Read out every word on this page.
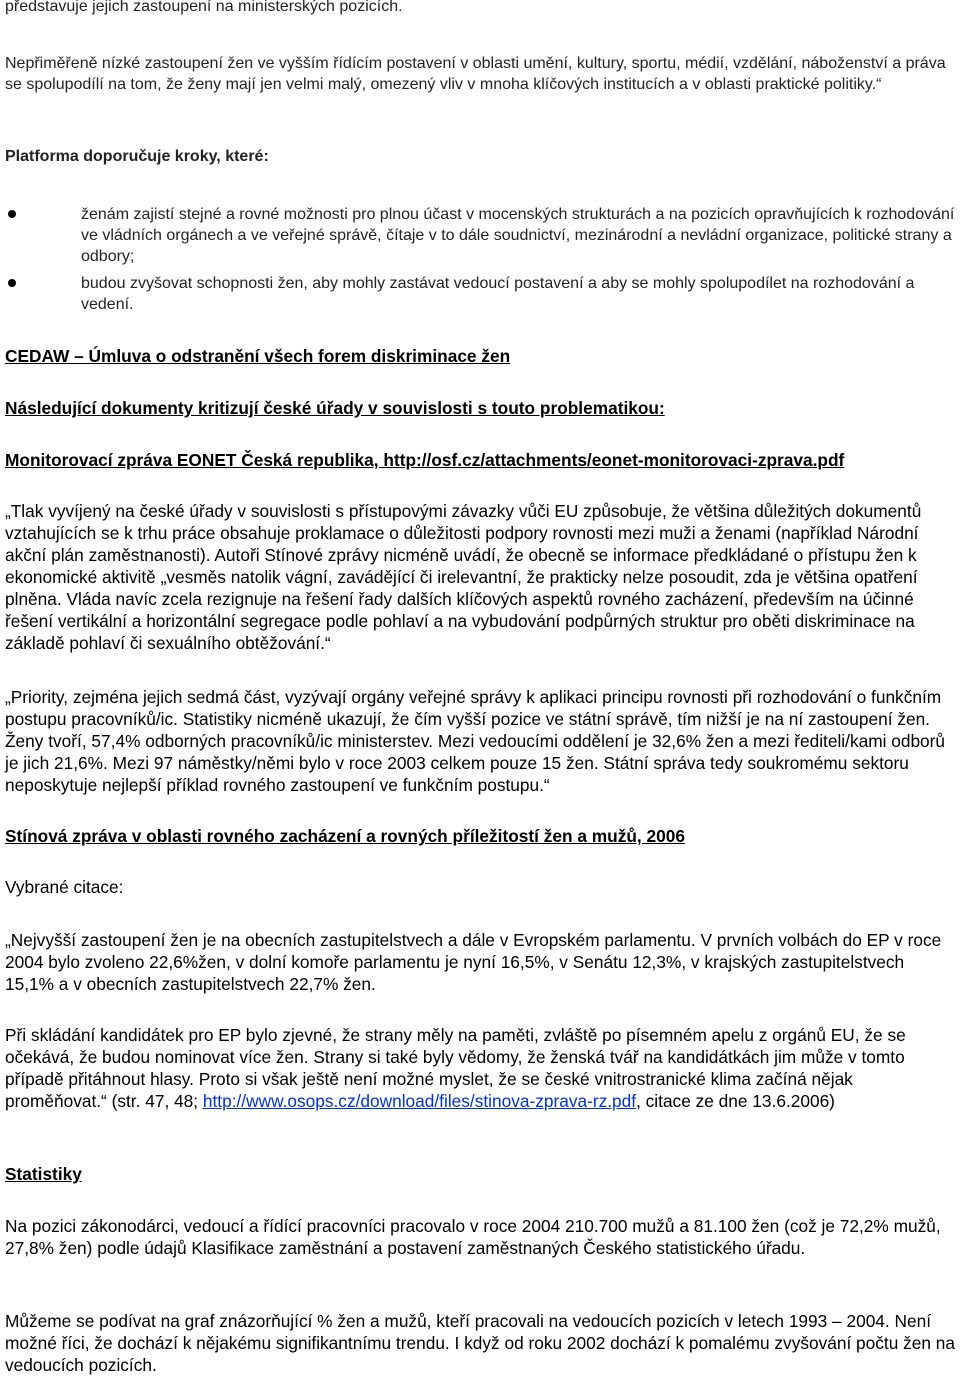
představuje jejich zastoupení na ministerských pozicích.

Nepřiměřeně nízké zastoupení žen ve vyšším řídícím postavení v oblasti umění, kultury, sportu, médií, vzdělání, náboženství a práva se spolupodílí na tom, že ženy mají jen velmi malý, omezený vliv v mnoha klíčových institucích a v oblasti praktické politiky.“

Platforma doporučuje kroky, které:

ženám zajistí stejné a rovné možnosti pro plnou účast v mocenských strukturách a na pozicích opravňujících k rozhodování ve vládních orgánech a ve veřejné správě, čítaje v to dále soudnictví, mezinárodní a nevládní organizace, politické strany a odbory;

budou zvyšovat schopnosti žen, aby mohly zastávat vedoucí postavení a aby se mohly spolupodílet na rozhodování a vedení.

CEDAW – Úmluva o odstranění všech forem diskriminace žen

Následující dokumenty kritizují české úřady v souvislosti s touto problematikou:

Monitorovací zpráva EONET Česká republika, http://osf.cz/attachments/eonet-monitorovaci-zprava.pdf

„Tlak vyvíjený na české úřady v souvislosti s přístupovými závazky vůči EU způsobuje, že většina důležitých dokumentů vztahujících se k trhu práce obsahuje proklamace o důležitosti podpory rovnosti mezi muži a ženami (například Národní akční plán zaměstnanosti). Autoři Stínové zprávy nicméně uvádí, že obecně se informace předkládané o přístupu žen k ekonomické aktivitě „vesměs natolik vágní, zavádějící či irelevantní, že prakticky nelze posoudit, zda je většina opatření plněna. Vláda navíc zcela rezignuje na řešení řady dalších klíčových aspektů rovného zacházení, především na účinné řešení vertikální a horizontální segregace podle pohlaví a na vybudování podpůrných struktur pro oběti diskriminace na základě pohlaví či sexuálního obtěžování.“

„Priority, zejména jejich sedmá část, vyzývají orgány veřejné správy k aplikaci principu rovnosti při rozhodování o funkčním postupu pracovníků/ic. Statistiky nicméně ukazují, že čím vyšší pozice ve státní správě, tím nižší je na ní zastoupení žen. Ženy tvoří, 57,4% odborných pracovníků/ic ministerstev. Mezi vedoucími oddělení je 32,6% žen a mezi řediteli/kami odborů je jich 21,6%. Mezi 97 náměstky/němi bylo v roce 2003 celkem pouze 15 žen. Státní správa tedy soukromému sektoru neposkytuje nejlepší příklad rovného zastoupení ve funkčním postupu.“

Stínová zpráva v oblasti rovného zacházení a rovných příležitostí žen a mužů, 2006

Vybrané citace:

„Nejvyšší zastoupení žen je na obecních zastupitelstvech a dále v Evropském parlamentu. V prvních volbách do EP v roce 2004 bylo zvoleno 22,6%žen, v dolní komoře parlamentu je nyní 16,5%, v Senátu 12,3%, v krajských zastupitelstvech 15,1% a v obecních zastupitelstvech 22,7% žen.

Při skládání kandidátek pro EP bylo zjevné, že strany měly na paměti, zvláště po písemném apelu z orgánů EU, že se očekává, že budou nominovat více žen. Strany si také byly vědomy, že ženská tvář na kandidátkách jim může v tomto případě přitáhnout hlasy. Proto si však ještě není možné myslet, že se české vnitrostranické klima začíná nějak proměňovat.“ (str. 47, 48; http://www.osops.cz/download/files/stinova-zprava-rz.pdf, citace ze dne 13.6.2006)

Statistiky

Na pozici zákonodárci, vedoucí a řídící pracovníci pracovalo v roce 2004 210.700 mužů a 81.100 žen (což je 72,2% mužů, 27,8% žen) podle údajů Klasifikace zaměstnání a postavení zaměstnaných Českého statistického úřadu.

Můžeme se podívat na graf znázorňující % žen a mužů, kteří pracovali na vedoucích pozicích v letech 1993 – 2004. Není možné říci, že dochází k nějakému signifikantnímu trendu. I když od roku 2002 dochází k pomalému zvyšování počtu žen na vedoucích pozicích.
